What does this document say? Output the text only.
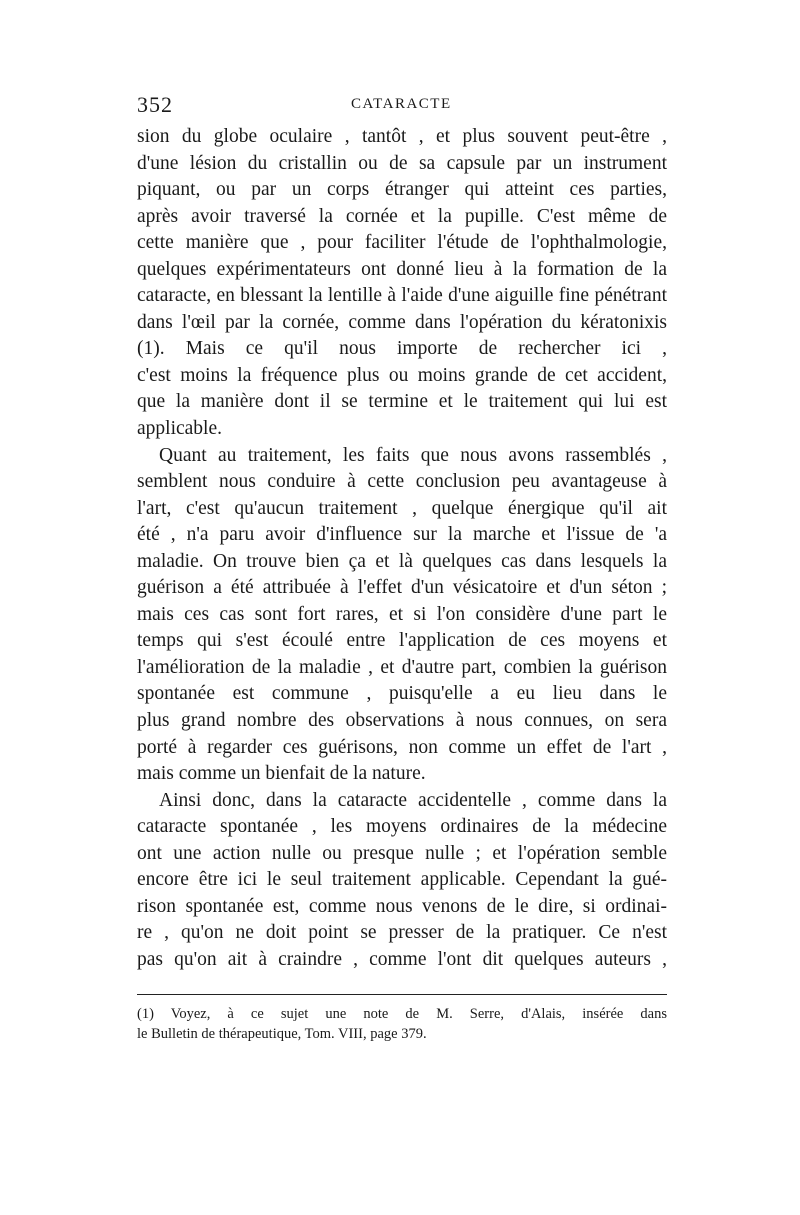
352	CATARACTE
sion du globe oculaire , tantôt , et plus souvent peut-être ,
d'une lésion du cristallin ou de sa capsule par un instrument
piquant, ou par un corps étranger qui atteint ces parties,
après avoir traversé la cornée et la pupille. C'est même de
cette manière que , pour faciliter l'étude de l'ophthalmologie,
quelques expérimentateurs ont donné lieu à la formation de la
cataracte, en blessant la lentille à l'aide d'une aiguille fine pénétrant
dans l'œil par la cornée, comme dans l'opération du kératonixis
(1). Mais ce qu'il nous importe de rechercher ici ,
c'est moins la fréquence plus ou moins grande de cet accident,
que la manière dont il se termine et le traitement qui lui est
applicable.
Quant au traitement, les faits que nous avons rassemblés ,
semblent nous conduire à cette conclusion peu avantageuse à
l'art, c'est qu'aucun traitement , quelque énergique qu'il ait
été , n'a paru avoir d'influence sur la marche et l'issue de 'a
maladie. On trouve bien ça et là quelques cas dans lesquels la
guérison a été attribuée à l'effet d'un vésicatoire et d'un séton ;
mais ces cas sont fort rares, et si l'on considère d'une part le
temps qui s'est écoulé entre l'application de ces moyens et
l'amélioration de la maladie , et d'autre part, combien la guérison
spontanée est commune , puisqu'elle a eu lieu dans le
plus grand nombre des observations à nous connues, on sera
porté à regarder ces guérisons, non comme un effet de l'art ,
mais comme un bienfait de la nature.
Ainsi donc, dans la cataracte accidentelle , comme dans la
cataracte spontanée , les moyens ordinaires de la médecine
ont une action nulle ou presque nulle ; et l'opération semble
encore être ici le seul traitement applicable. Cependant la gué-
rison spontanée est, comme nous venons de le dire, si ordinai-
re , qu'on ne doit point se presser de la pratiquer. Ce n'est
pas qu'on ait à craindre , comme l'ont dit quelques auteurs ,
(1) Voyez, à ce sujet une note de M. Serre, d'Alais, insérée dans
le Bulletin de thérapeutique, Tom. VIII, page 379.
